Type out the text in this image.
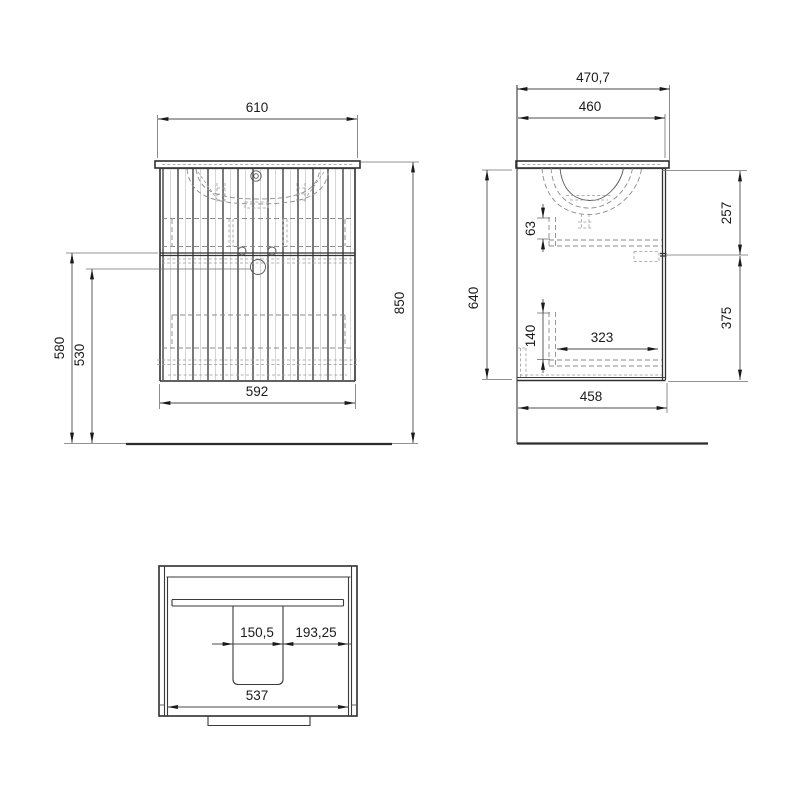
610
592
850
580 530
470,7
460
640
257
375
63
140	323
458
150,5 193,25
537
